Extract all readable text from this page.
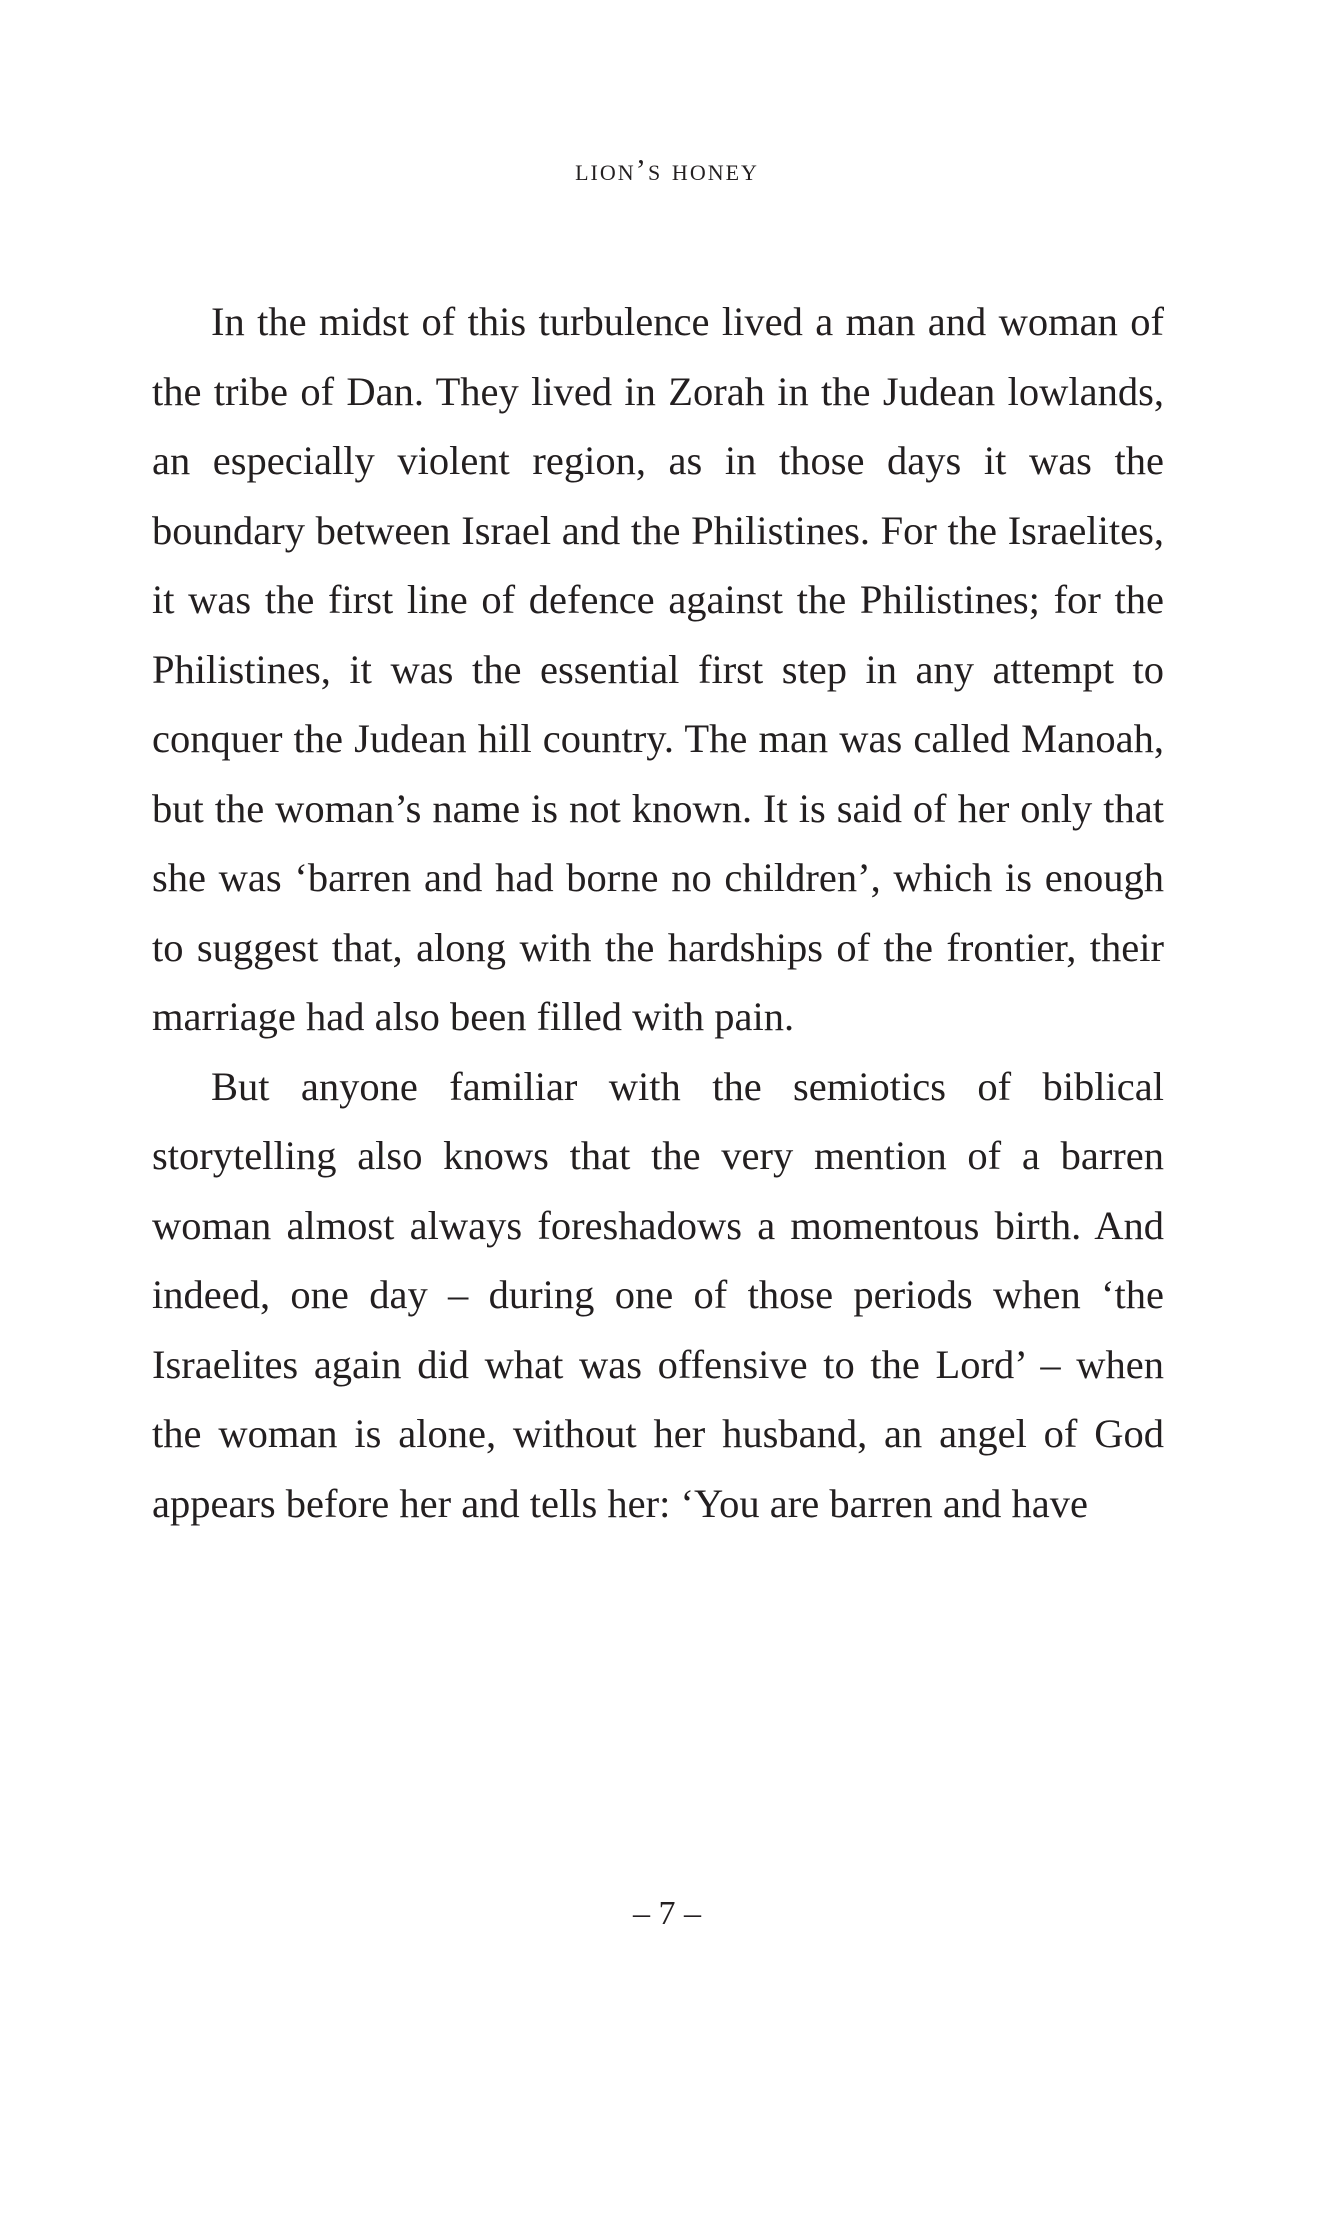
lion’s honey

In the midst of this turbulence lived a man and woman of the tribe of Dan. They lived in Zorah in the Judean lowlands, an especially violent region, as in those days it was the boundary between Israel and the Philistines. For the Israelites, it was the first line of defence against the Philistines; for the Philistines, it was the essential first step in any attempt to conquer the Judean hill country. The man was called Manoah, but the woman’s name is not known. It is said of her only that she was ‘barren and had borne no children’, which is enough to suggest that, along with the hardships of the frontier, their marriage had also been filled with pain.

But anyone familiar with the semiotics of biblical storytelling also knows that the very mention of a barren woman almost always foreshadows a momentous birth. And indeed, one day – during one of those periods when ‘the Israelites again did what was offensive to the Lord’ – when the woman is alone, without her husband, an angel of God appears before her and tells her: ‘You are barren and have

– 7 –
